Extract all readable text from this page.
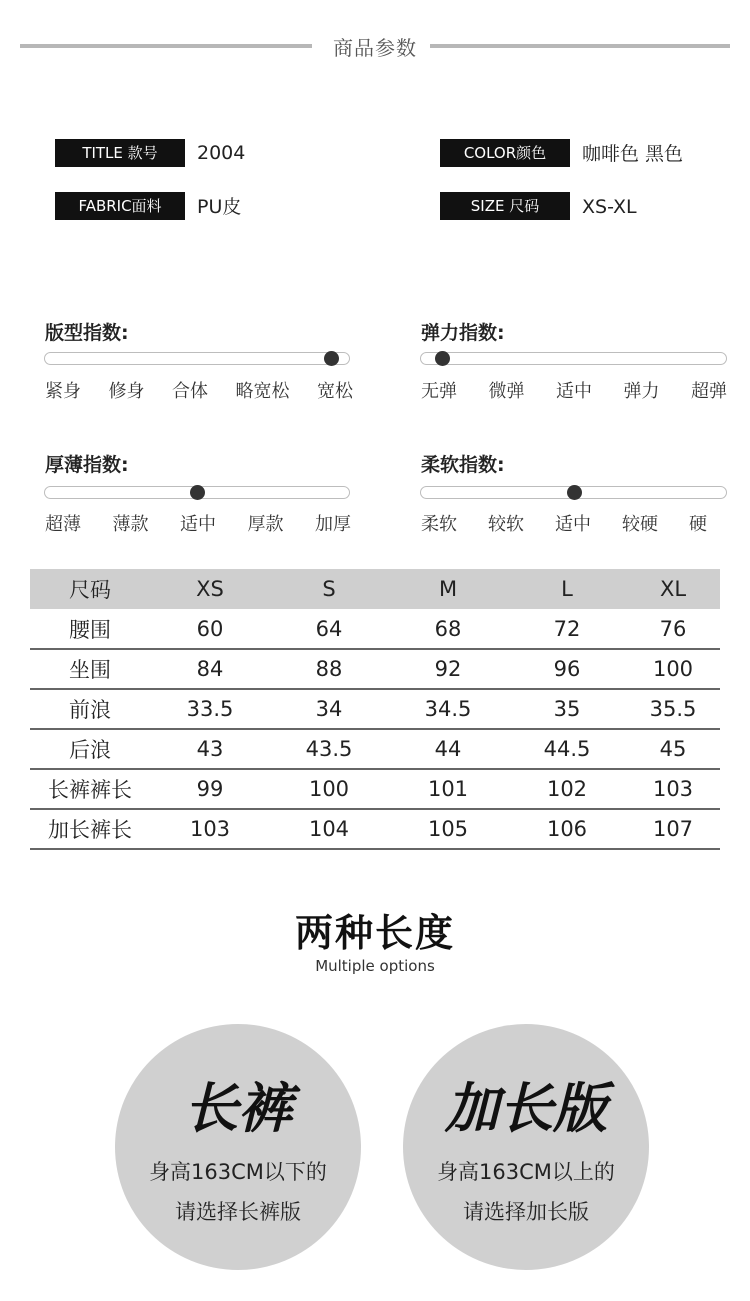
商品参数
TITLE 款号	2004	COLOR颜色	咖啡色 黑色
FABRIC面料	PU皮	SIZE 尺码	XS-XL
版型指数:
紧身 修身 合体 略宽松 宽松
弹力指数:
无弹 微弹 适中 弹力 超弹
厚薄指数:
超薄 薄款 适中 厚款 加厚
柔软指数:
柔软 较软 适中 较硬 硬
尺码	XS	S	M	L	XL
腰围	60	64	68	72	76
坐围	84	88	92	96	100
前浪	33.5	34	34.5	35	35.5
后浪	43	43.5	44	44.5	45
长裤裤长	99	100	101	102	103
加长裤长	103	104	105	106	107
两种长度
Multiple options
长裤
身高163CM以下的
请选择长裤版
加长版
身高163CM以上的
请选择加长版
